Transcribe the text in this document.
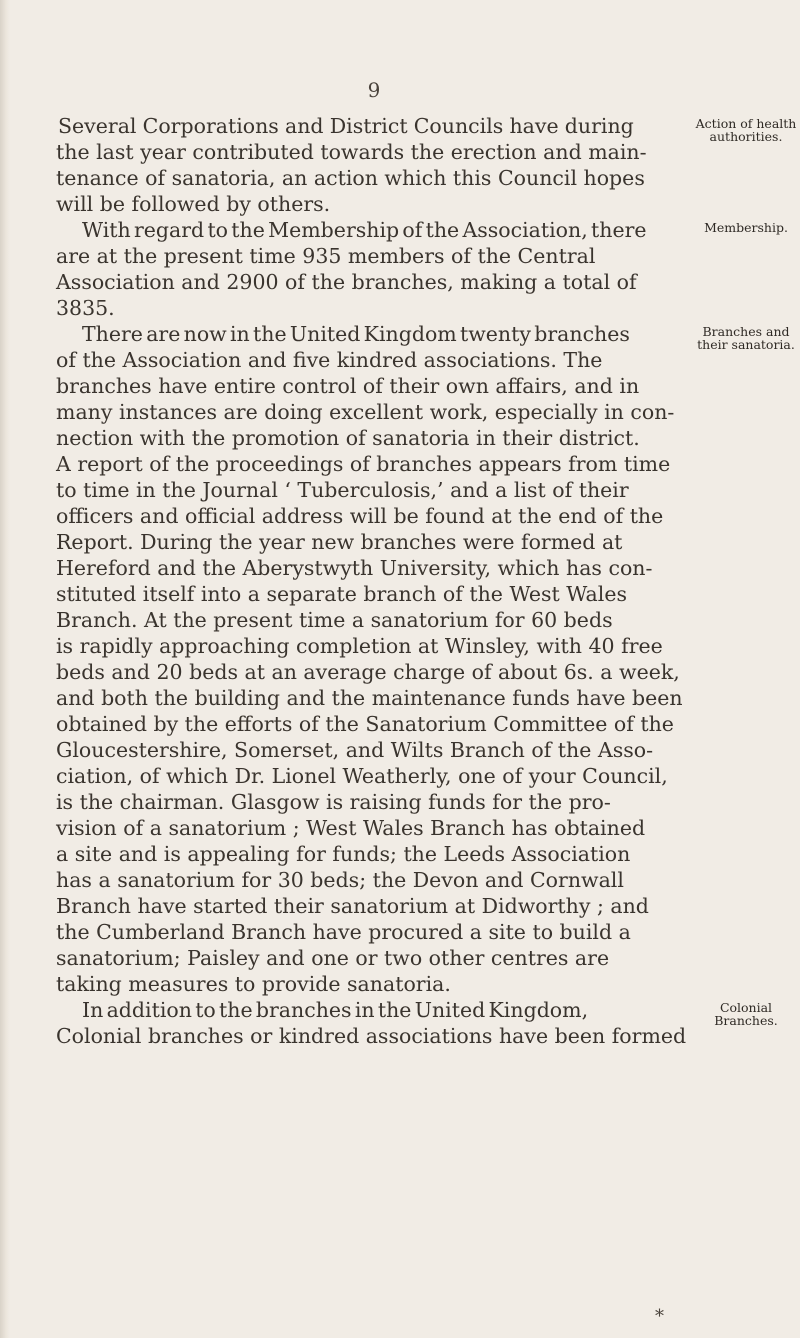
9
Several Corporations and District Councils have during
the last year contributed towards the erection and main-
tenance of sanatoria, an action which this Council hopes
will be followed by others.
With regard to the Membership of the Association, there
are at the present time 935 members of the Central
Association and 2900 of the branches, making a total of
3835.
There are now in the United Kingdom twenty branches
of the Association and five kindred associations. The
branches have entire control of their own affairs, and in
many instances are doing excellent work, especially in con-
nection with the promotion of sanatoria in their district.
A report of the proceedings of branches appears from time
to time in the Journal ‘ Tuberculosis,’ and a list of their
officers and official address will be found at the end of the
Report. During the year new branches were formed at
Hereford and the Aberystwyth University, which has con-
stituted itself into a separate branch of the West Wales
Branch. At the present time a sanatorium for 60 beds
is rapidly approaching completion at Winsley, with 40 free
beds and 20 beds at an average charge of about 6s. a week,
and both the building and the maintenance funds have been
obtained by the efforts of the Sanatorium Committee of the
Gloucestershire, Somerset, and Wilts Branch of the Asso-
ciation, of which Dr. Lionel Weatherly, one of your Council,
is the chairman. Glasgow is raising funds for the pro-
vision of a sanatorium ; West Wales Branch has obtained
a site and is appealing for funds; the Leeds Association
has a sanatorium for 30 beds; the Devon and Cornwall
Branch have started their sanatorium at Didworthy ; and
the Cumberland Branch have procured a site to build a
sanatorium; Paisley and one or two other centres are
taking measures to provide sanatoria.
In addition to the branches in the United Kingdom,
Colonial branches or kindred associations have been formed
Action of health authorities.
Membership.
Branches and their sanatoria.
Colonial Branches.
*
